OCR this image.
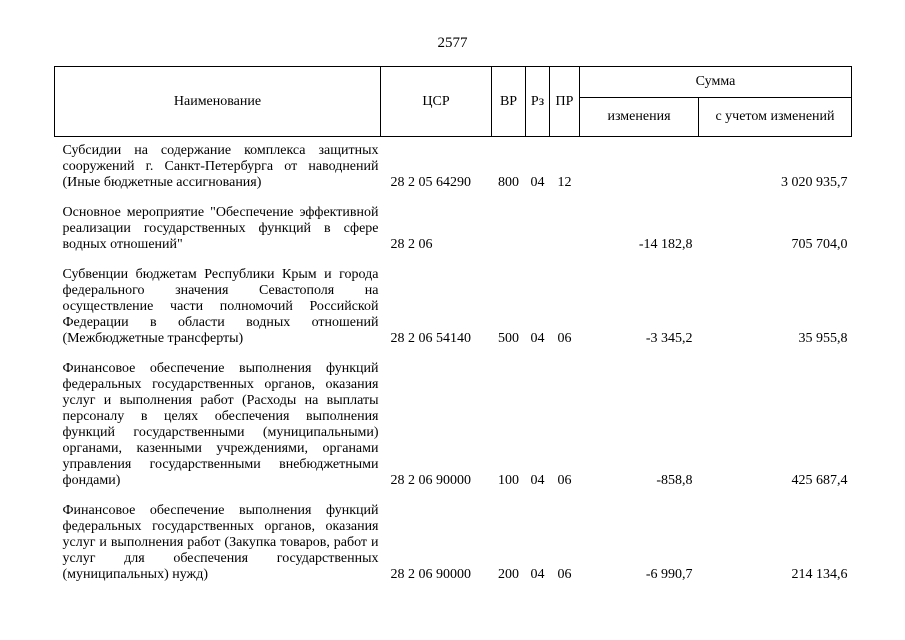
2577
Наименование	ЦСР	ВР	Рз	ПР	Сумма	
					изменения	с учетом изменений
Субсидии на содержание комплекса защитных сооружений г. Санкт-Петербурга от наводнений (Иные бюджетные ассигнования)	28 2 05 64290	800	04	12		3 020 935,7
Основное мероприятие "Обеспечение эффективной реализации государственных функций в сфере водных отношений"	28 2 06				-14 182,8	705 704,0
Субвенции бюджетам Республики Крым и города федерального значения Севастополя на осуществление части полномочий Российской Федерации в области водных отношений (Межбюджетные трансферты)	28 2 06 54140	500	04	06	-3 345,2	35 955,8
Финансовое обеспечение выполнения функций федеральных государственных органов, оказания услуг и выполнения работ (Расходы на выплаты персоналу в целях обеспечения выполнения функций государственными (муниципальными) органами, казенными учреждениями, органами управления государственными внебюджетными фондами)	28 2 06 90000	100	04	06	-858,8	425 687,4
Финансовое обеспечение выполнения функций федеральных государственных органов, оказания услуг и выполнения работ (Закупка товаров, работ и услуг для обеспечения государственных (муниципальных) нужд)	28 2 06 90000	200	04	06	-6 990,7	214 134,6
